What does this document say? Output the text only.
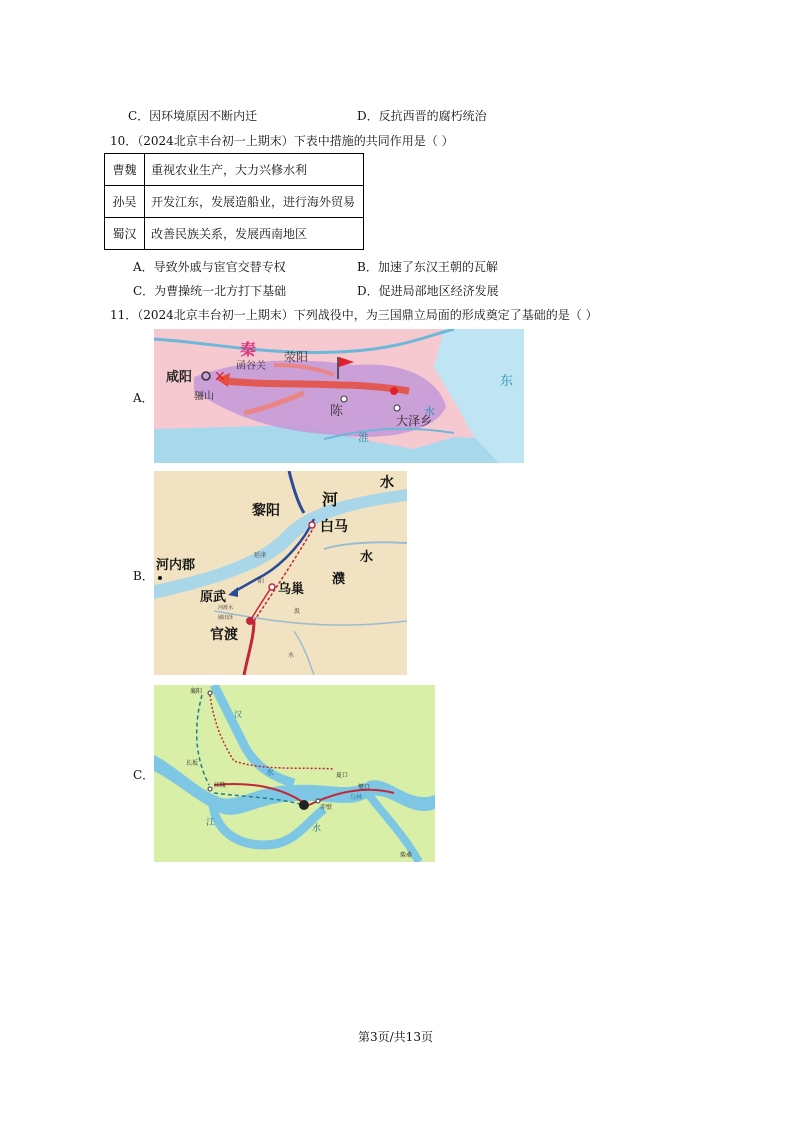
C．因环境原因不断内迁	D．反抗西晋的腐朽统治
10．（2024北京丰台初一上期末）下表中措施的共同作用是（ ）
曹魏	重视农业生产，大力兴修水利
孙吴	开发江东，发展造船业，进行海外贸易
蜀汉	改善民族关系，发展西南地区
A．导致外戚与宦官交替专权	B．加速了东汉王朝的瓦解
C．为曹操统一北方打下基础	D．促进局部地区经济发展
11．（2024北京丰台初一上期末）下列战役中，为三国鼎立局面的形成奠定了基础的是（ ）
A．
✕
秦
咸阳
骊山
函谷关
荥阳
陈
大泽乡
东
淮
水
B．
河
水
黎阳
白马
水
濮
河内郡
原武
乌巢
官渡
延津
阳
汲
河渡水
圃田泽
水
C．
襄阳
汉
水
长坂
夏口
樊口
江陵
赤壁
乌林
江
水
柴桑
第3页/共13页
